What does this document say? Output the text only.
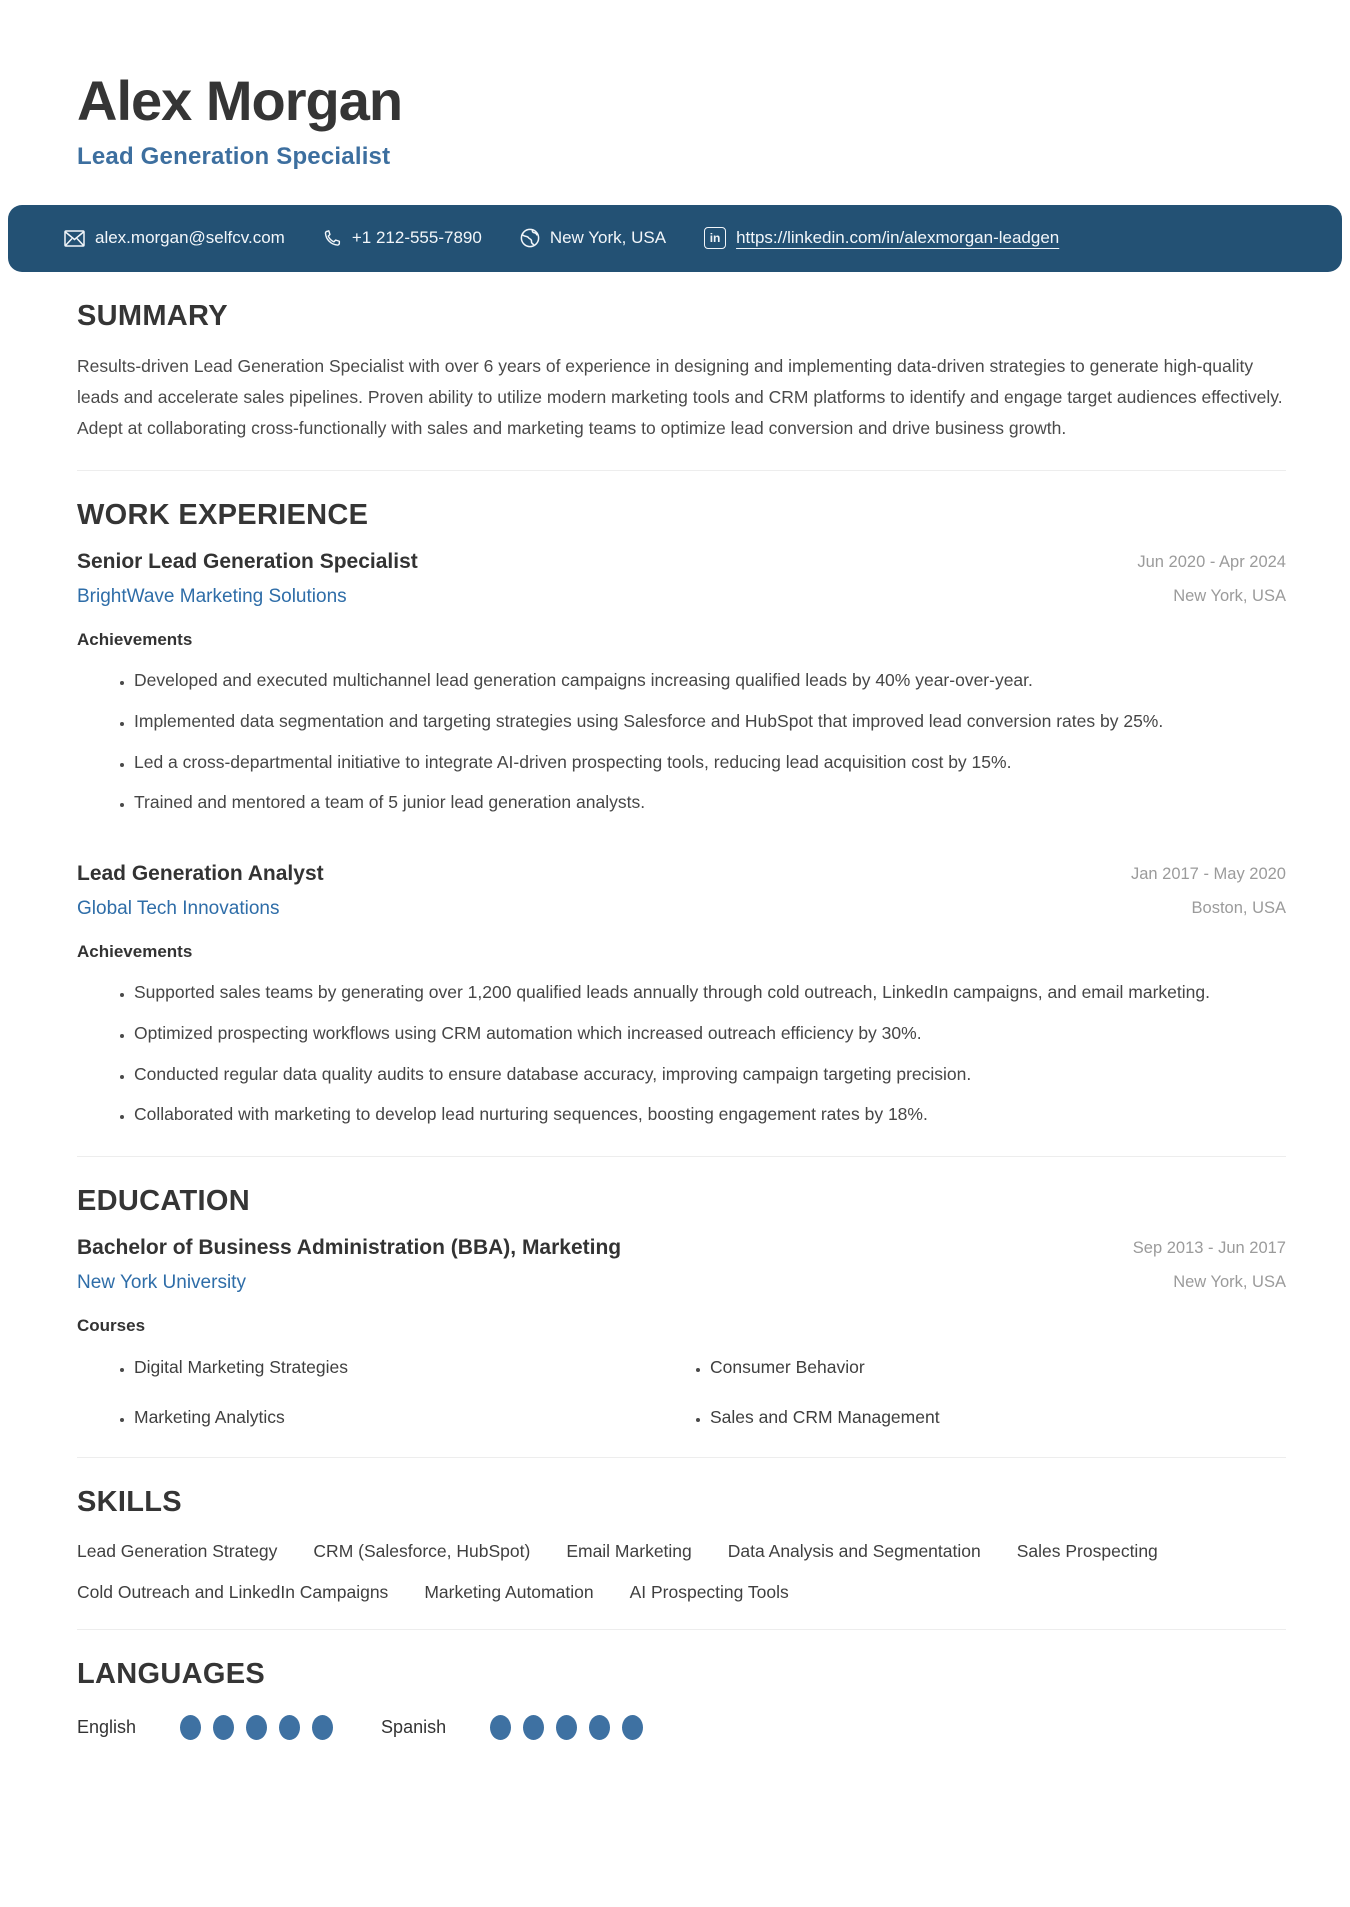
Alex Morgan

Lead Generation Specialist

alex.morgan@selfcv.com	+1 212-555-7890	New York, USA	in https://linkedin.com/in/alexmorgan-leadgen
SUMMARY

Results-driven Lead Generation Specialist with over 6 years of experience in designing and implementing data-driven strategies to generate high-quality leads and accelerate sales pipelines. Proven ability to utilize modern marketing tools and CRM platforms to identify and engage target audiences effectively. Adept at collaborating cross-functionally with sales and marketing teams to optimize lead conversion and drive business growth.

WORK EXPERIENCE
Senior Lead Generation Specialist

BrightWave Marketing Solutions

Jun 2020 - Apr 2024
New York, USA

Achievements

• Developed and executed multichannel lead generation campaigns increasing qualified leads by 40% year-over-year.
• Implemented data segmentation and targeting strategies using Salesforce and HubSpot that improved lead conversion rates by 25%.
• Led a cross-departmental initiative to integrate AI-driven prospecting tools, reducing lead acquisition cost by 15%.
• Trained and mentored a team of 5 junior lead generation analysts.
Lead Generation Analyst

Global Tech Innovations

Jan 2017 - May 2020
Boston, USA

Achievements

• Supported sales teams by generating over 1,200 qualified leads annually through cold outreach, LinkedIn campaigns, and email marketing.
• Optimized prospecting workflows using CRM automation which increased outreach efficiency by 30%.
• Conducted regular data quality audits to ensure database accuracy, improving campaign targeting precision.
• Collaborated with marketing to develop lead nurturing sequences, boosting engagement rates by 18%.
EDUCATION
Bachelor of Business Administration (BBA), Marketing

New York University

Sep 2013 - Jun 2017
New York, USA

Courses

• Digital Marketing Strategies	• Consumer Behavior
• Marketing Analytics	• Sales and CRM Management
SKILLS
Lead Generation Strategy CRM (Salesforce, HubSpot) Email Marketing Data Analysis and Segmentation Sales Prospecting
Cold Outreach and LinkedIn Campaigns Marketing Automation AI Prospecting Tools
LANGUAGES
English	Spanish
